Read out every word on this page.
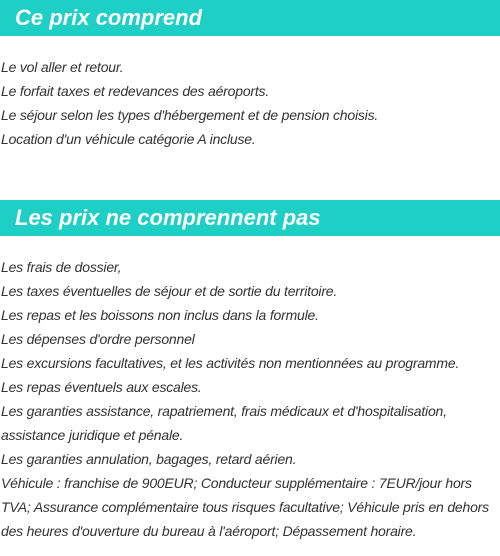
Ce prix comprend
Le vol aller et retour.
Le forfait taxes et redevances des aéroports.
Le séjour selon les types d'hébergement et de pension choisis.
Location d'un véhicule catégorie A incluse.
Les prix ne comprennent pas
Les frais de dossier,
Les taxes éventuelles de séjour et de sortie du territoire.
Les repas et les boissons non inclus dans la formule.
Les dépenses d'ordre personnel
Les excursions facultatives, et les activités non mentionnées au programme.
Les repas éventuels aux escales.
Les garanties assistance, rapatriement, frais médicaux et d'hospitalisation, assistance juridique et pénale.
Les garanties annulation, bagages, retard aérien.
Véhicule : franchise de 900EUR; Conducteur supplémentaire : 7EUR/jour hors TVA; Assurance complémentaire tous risques facultative; Véhicule pris en dehors des heures d'ouverture du bureau à l'aéroport; Dépassement horaire.
